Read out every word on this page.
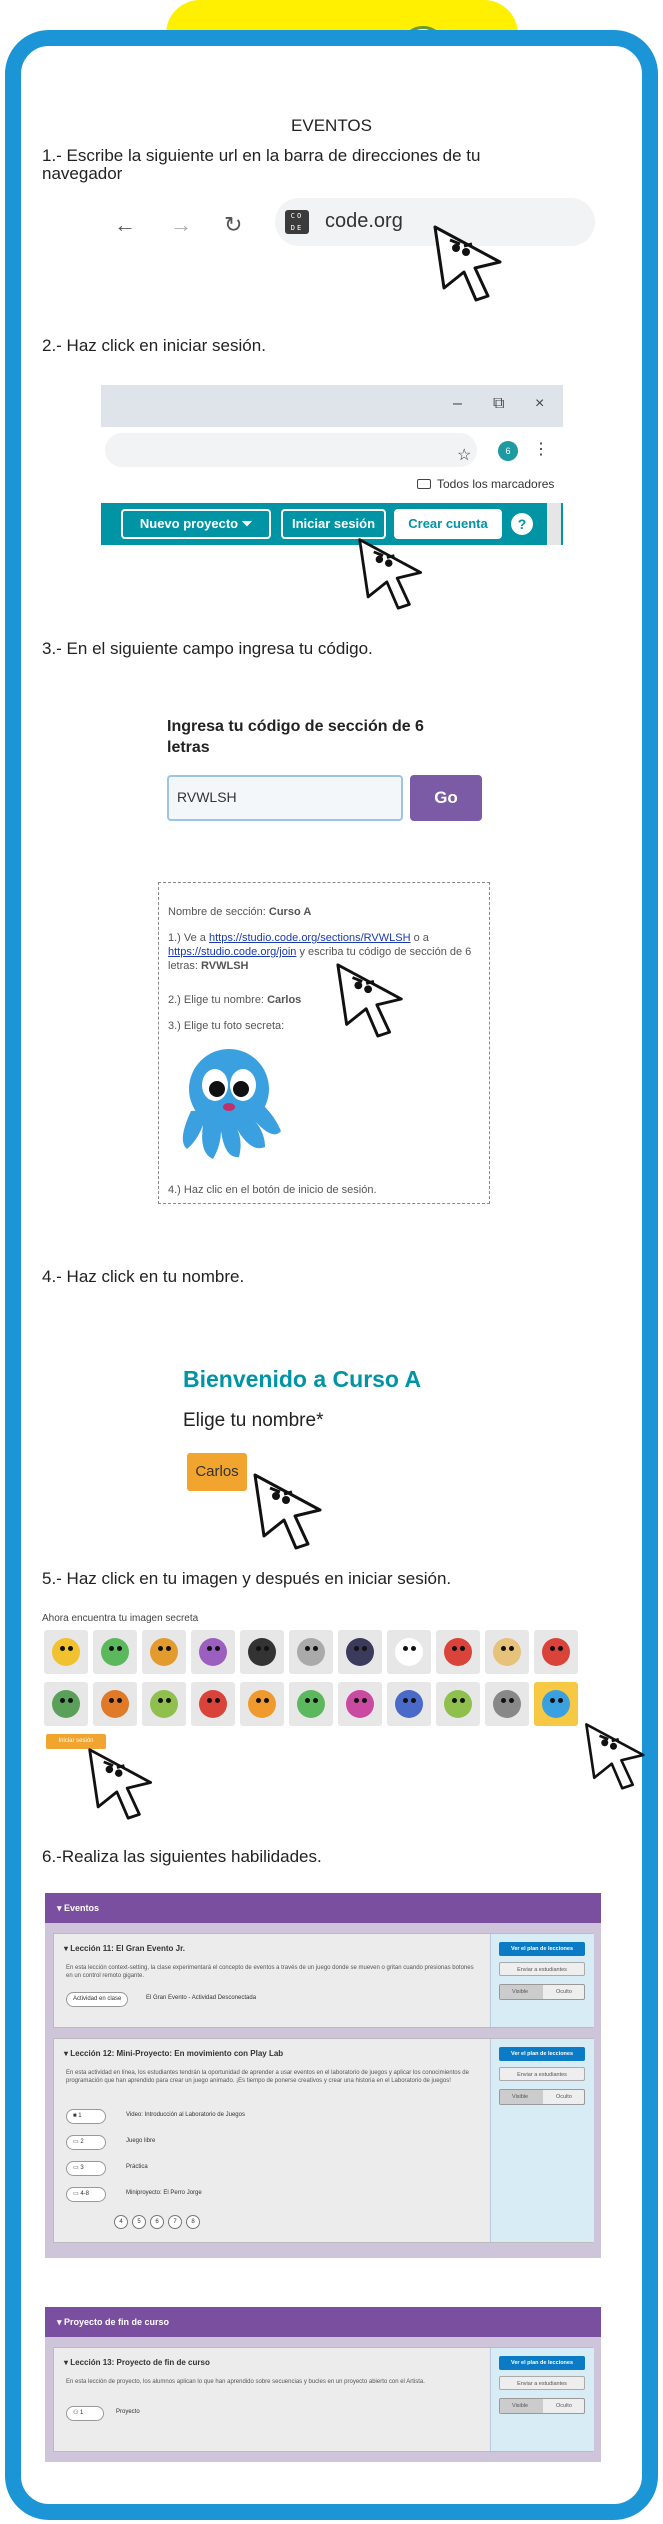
EVENTOS
1.- Escribe la siguiente url en la barra de direcciones de tu navegador
← → ↻	CO DE code.org
2.- Haz click en iniciar sesión.
– ⧉ ×
☆	6	⋮
Todos los marcadores
Nuevo proyecto ⏷	Iniciar sesión	Crear cuenta	?
3.- En el siguiente campo ingresa tu código.
Ingresa tu código de sección de 6 letras
RVWLSH	Go

Nombre de sección: Curso A

1.) Ve a https://studio.code.org/sections/RVWLSH o a https://studio.code.org/join y escriba tu código de sección de 6 letras: RVWLSH

2.) Elige tu nombre: Carlos

3.) Elige tu foto secreta:

4.) Haz clic en el botón de inicio de sesión.

4.- Haz click en tu nombre.
Bienvenido a Curso A
Elige tu nombre*
Carlos
5.- Haz click en tu imagen y después en iniciar sesión.
Ahora encuentra tu imagen secreta
Iniciar sesión
6.-Realiza las siguientes habilidades.
▾ Eventos
▾ Lección 11: El Gran Evento Jr.
En esta lección context-setting, la clase experimentará el concepto de eventos a través de un juego donde se mueven o gritan cuando presionas botones en un control remoto gigante.
Actividad en clase	El Gran Evento - Actividad Desconectada
Ver el plan de lecciones
Enviar a estudiantes
Visible	Oculto
▾ Lección 12: Mini-Proyecto: En movimiento con Play Lab
En esta actividad en línea, los estudiantes tendrán la oportunidad de aprender a usar eventos en el laboratorio de juegos y aplicar los conocimientos de programación que han aprendido para crear un juego animado. ¡Es tiempo de ponerse creativos y crear una historia en el Laboratorio de juegos!
■ 1	Video: Introducción al Laboratorio de Juegos
▭ 2	Juego libre
▭ 3	Práctica
▭ 4-8	Miniproyecto: El Perro Jorge
4	5	6	7	8
Ver el plan de lecciones
Enviar a estudiantes
Visible	Oculto
▾ Proyecto de fin de curso
▾ Lección 13: Proyecto de fin de curso
En esta lección de proyecto, los alumnos aplican lo que han aprendido sobre secuencias y bucles en un proyecto abierto con el Artista.
⚇ 1	Proyecto
Ver el plan de lecciones
Enviar a estudiantes
Visible	Oculto
